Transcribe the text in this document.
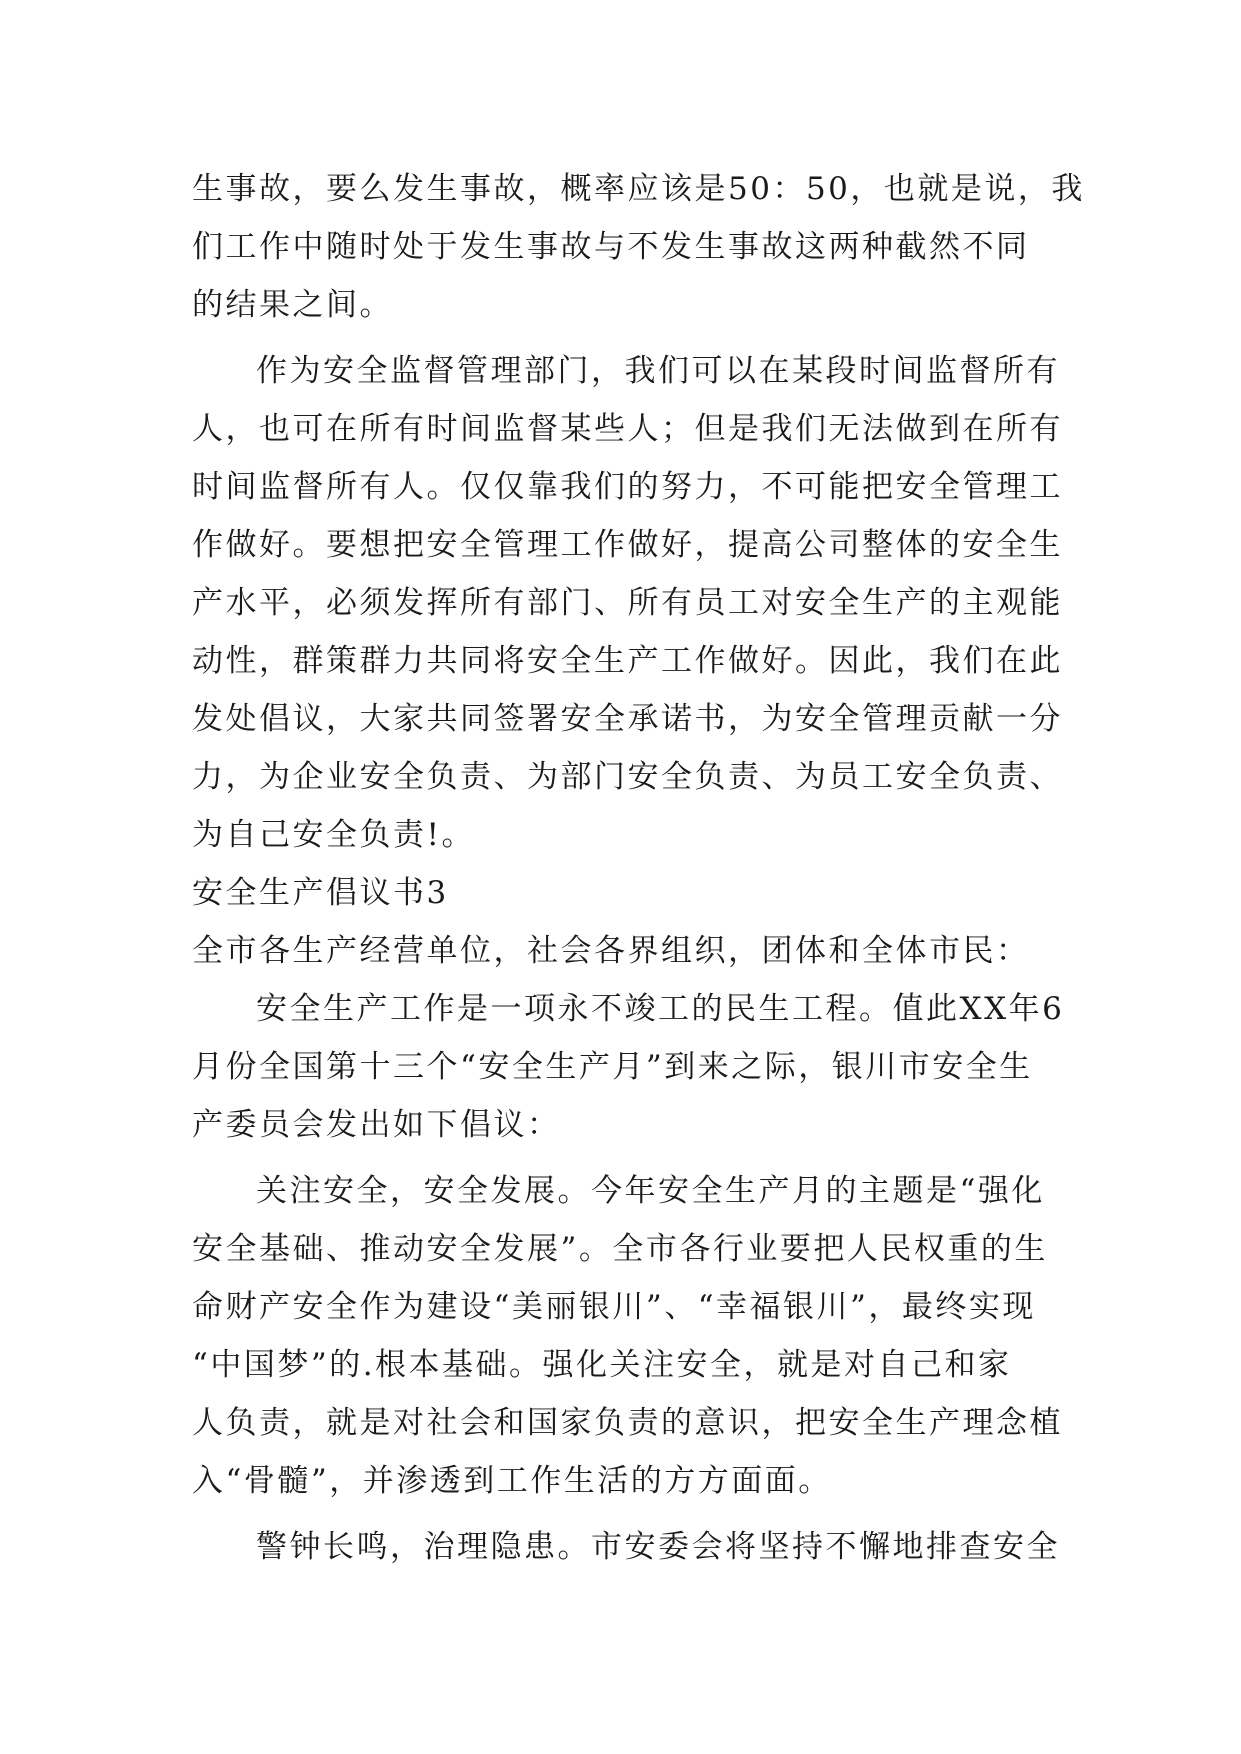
生事故，要么发生事故，概率应该是50：50，也就是说，我
们工作中随时处于发生事故与不发生事故这两种截然不同
的结果之间。
作为安全监督管理部门，我们可以在某段时间监督所有
人，也可在所有时间监督某些人；但是我们无法做到在所有
时间监督所有人。仅仅靠我们的努力，不可能把安全管理工
作做好。要想把安全管理工作做好，提高公司整体的安全生
产水平，必须发挥所有部门、所有员工对安全生产的主观能
动性，群策群力共同将安全生产工作做好。因此，我们在此
发处倡议，大家共同签署安全承诺书，为安全管理贡献一分
力，为企业安全负责、为部门安全负责、为员工安全负责、
为自己安全负责!。
安全生产倡议书3
全市各生产经营单位，社会各界组织，团体和全体市民：
安全生产工作是一项永不竣工的民生工程。值此XX年6
月份全国第十三个“安全生产月”到来之际，银川市安全生
产委员会发出如下倡议：
关注安全，安全发展。今年安全生产月的主题是“强化
安全基础、推动安全发展”。全市各行业要把人民权重的生
命财产安全作为建设“美丽银川”、“幸福银川”，最终实现
“中国梦”的.根本基础。强化关注安全，就是对自己和家
人负责，就是对社会和国家负责的意识，把安全生产理念植
入“骨髓”，并渗透到工作生活的方方面面。
警钟长鸣，治理隐患。市安委会将坚持不懈地排查安全
